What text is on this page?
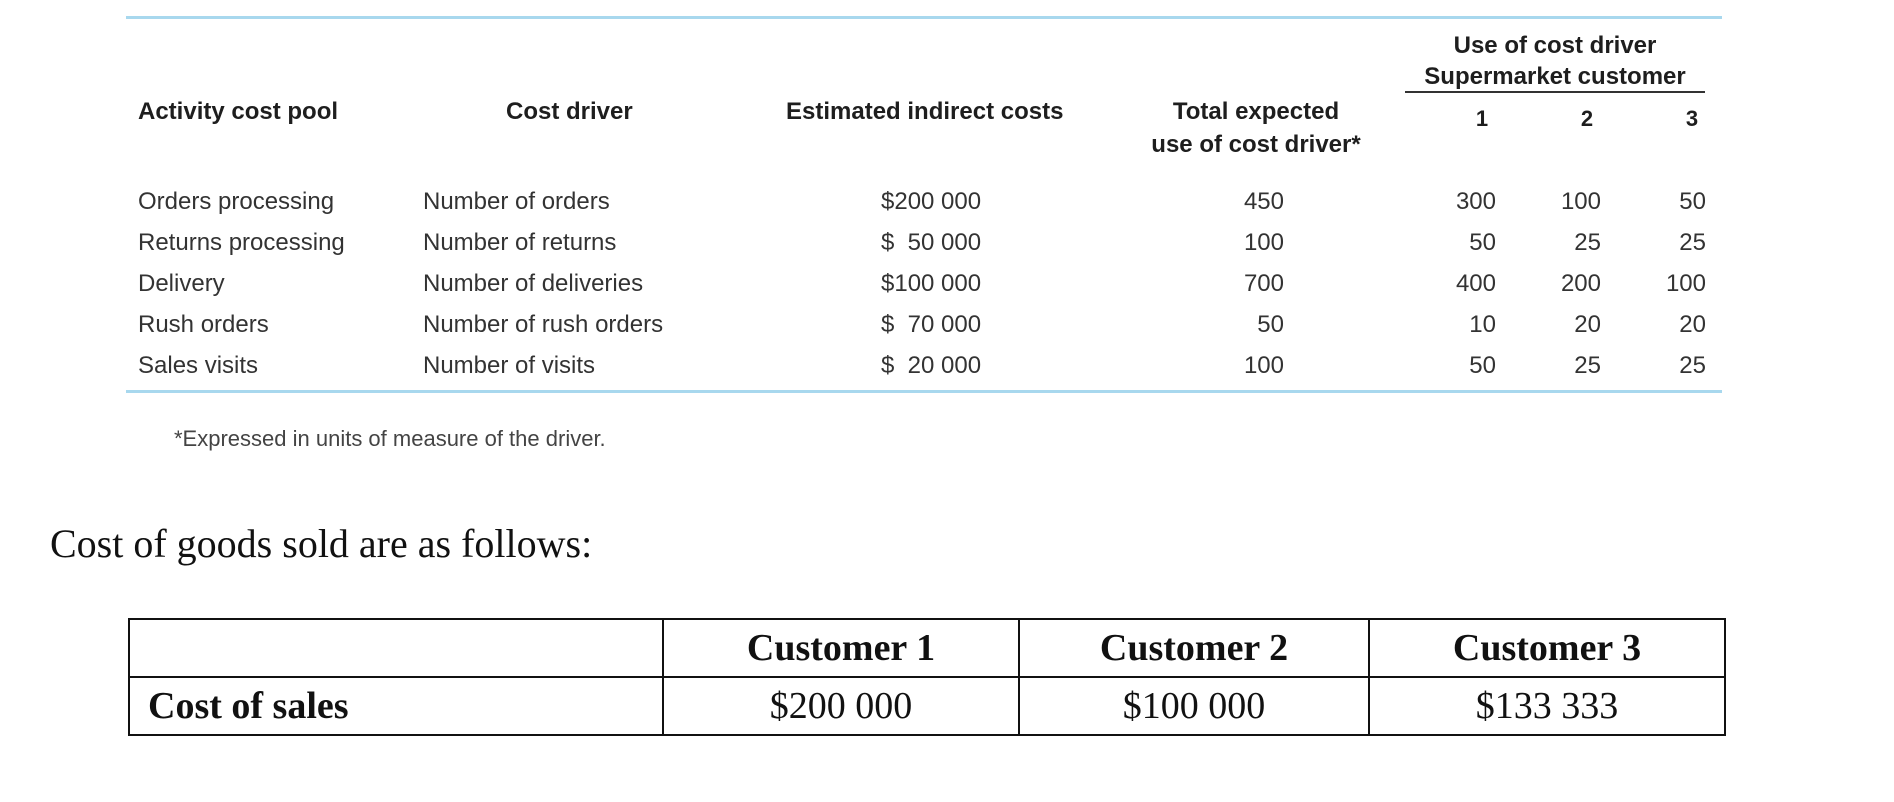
Activity cost pool	Cost driver	Estimated indirect costs	Total expected
use of cost driver*
Use of cost driver
Supermarket customer
1	2	3
Orders processing	Number of orders	$200 000	450	300	100	50
Returns processing	Number of returns	$  50 000	100	50	25	25
Delivery	Number of deliveries	$100 000	700	400	200	100
Rush orders	Number of rush orders	$  70 000	50	10	20	20
Sales visits	Number of visits	$  20 000	100	50	25	25
*Expressed in units of measure of the driver.
Cost of goods sold are as follows:
	Customer 1	Customer 2	Customer 3
Cost of sales	$200 000	$100 000	$133 333
